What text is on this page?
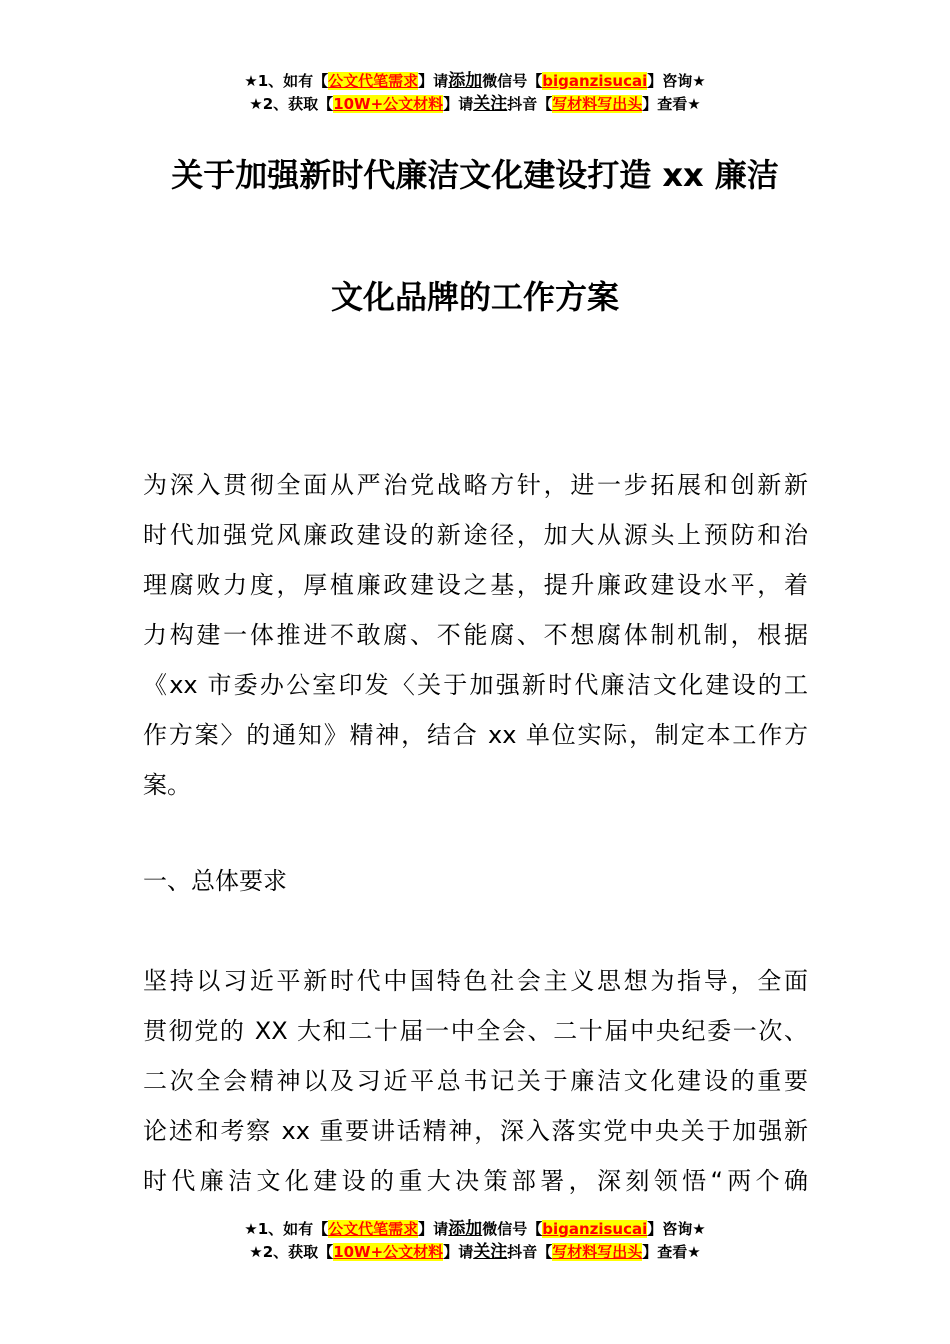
★1、如有【公文代笔需求】请添加微信号【biganzisucai】咨询★
★2、获取【10W+公文材料】请关注抖音【写材料写出头】查看★
关于加强新时代廉洁文化建设打造 xx 廉洁
文化品牌的工作方案
为深入贯彻全面从严治党战略方针，进一步拓展和创新新
时代加强党风廉政建设的新途径，加大从源头上预防和治
理腐败力度，厚植廉政建设之基，提升廉政建设水平，着
力构建一体推进不敢腐、不能腐、不想腐体制机制，根据
《xx 市委办公室印发〈关于加强新时代廉洁文化建设的工
作方案〉的通知》精神，结合 xx 单位实际，制定本工作方
案。
一、总体要求
坚持以习近平新时代中国特色社会主义思想为指导，全面
贯彻党的 XX 大和二十届一中全会、二十届中央纪委一次、
二次全会精神以及习近平总书记关于廉洁文化建设的重要
论述和考察 xx 重要讲话精神，深入落实党中央关于加强新
时代廉洁文化建设的重大决策部署，深刻领悟“两个确
★1、如有【公文代笔需求】请添加微信号【biganzisucai】咨询★
★2、获取【10W+公文材料】请关注抖音【写材料写出头】查看★
